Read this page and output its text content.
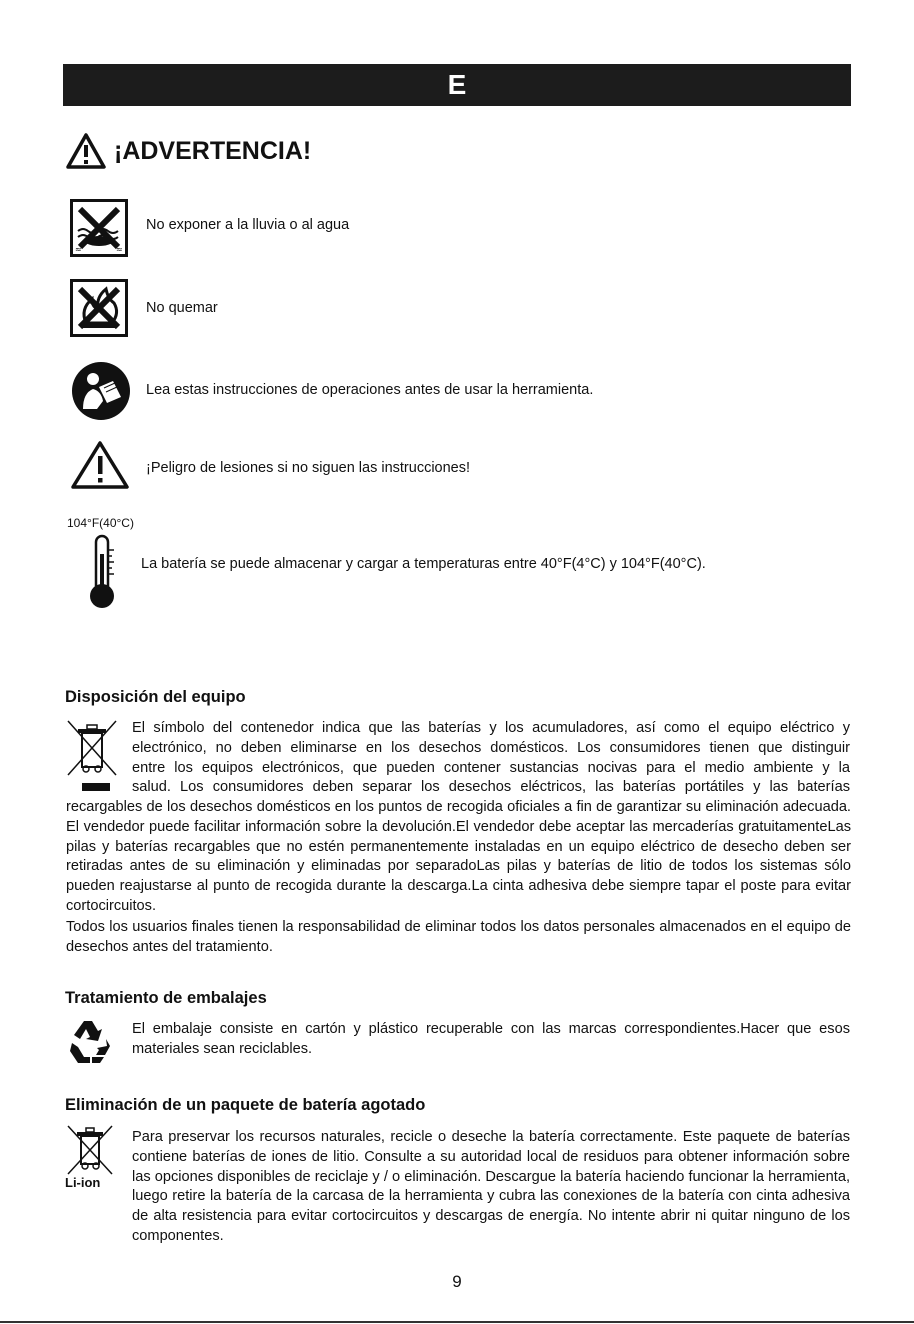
E
¡ADVERTENCIA!
≈	≈
No exponer a la lluvia o al agua
No quemar
Lea estas instrucciones de operaciones antes de usar la herramienta.
¡Peligro de lesiones si no siguen las instrucciones!
104°F(40°C)
La batería se puede almacenar y cargar a temperaturas entre 40°F(4°C) y 104°F(40°C).
Disposición del equipo

El símbolo del contenedor indica que las baterías y los acumuladores, así como el equipo eléctrico y

electrónico, no deben eliminarse en los desechos domésticos. Los consumidores tienen que distinguir

entre los equipos electrónicos, que pueden contener sustancias nocivas para el medio ambiente y la

salud. Los consumidores deben separar los desechos eléctricos, las baterías portátiles y las baterías

recargables de los desechos domésticos en los puntos de recogida oficiales a fin de garantizar su eliminación adecuada. El vendedor puede facilitar información sobre la devolución.El vendedor debe aceptar las mercaderías gratuitamenteLas pilas y baterías recargables que no estén permanentemente instaladas en un equipo eléctrico de desecho deben ser retiradas antes de su eliminación y eliminadas por separadoLas pilas y baterías de litio de todos los sistemas sólo pueden reajustarse al punto de recogida durante la descarga.La cinta adhesiva debe siempre tapar el poste para evitar cortocircuitos.
Todos los usuarios finales tienen la responsabilidad de eliminar todos los datos personales almacenados en el equipo de desechos antes del tratamiento.
Tratamiento de embalajes
El embalaje consiste en cartón y plástico recuperable con las marcas correspondientes.Hacer que esos materiales sean reciclables.
Eliminación de un paquete de batería agotado
Li-ion
Para preservar los recursos naturales, recicle o deseche la batería correctamente. Este paquete de baterías contiene baterías de iones de litio. Consulte a su autoridad local de residuos para obtener información sobre las opciones disponibles de reciclaje y / o eliminación. Descargue la batería haciendo funcionar la herramienta, luego retire la batería de la carcasa de la herramienta y cubra las conexiones de la batería con cinta adhesiva de alta resistencia para evitar cortocircuitos y descargas de energía. No intente abrir ni quitar ninguno de los componentes.
9
